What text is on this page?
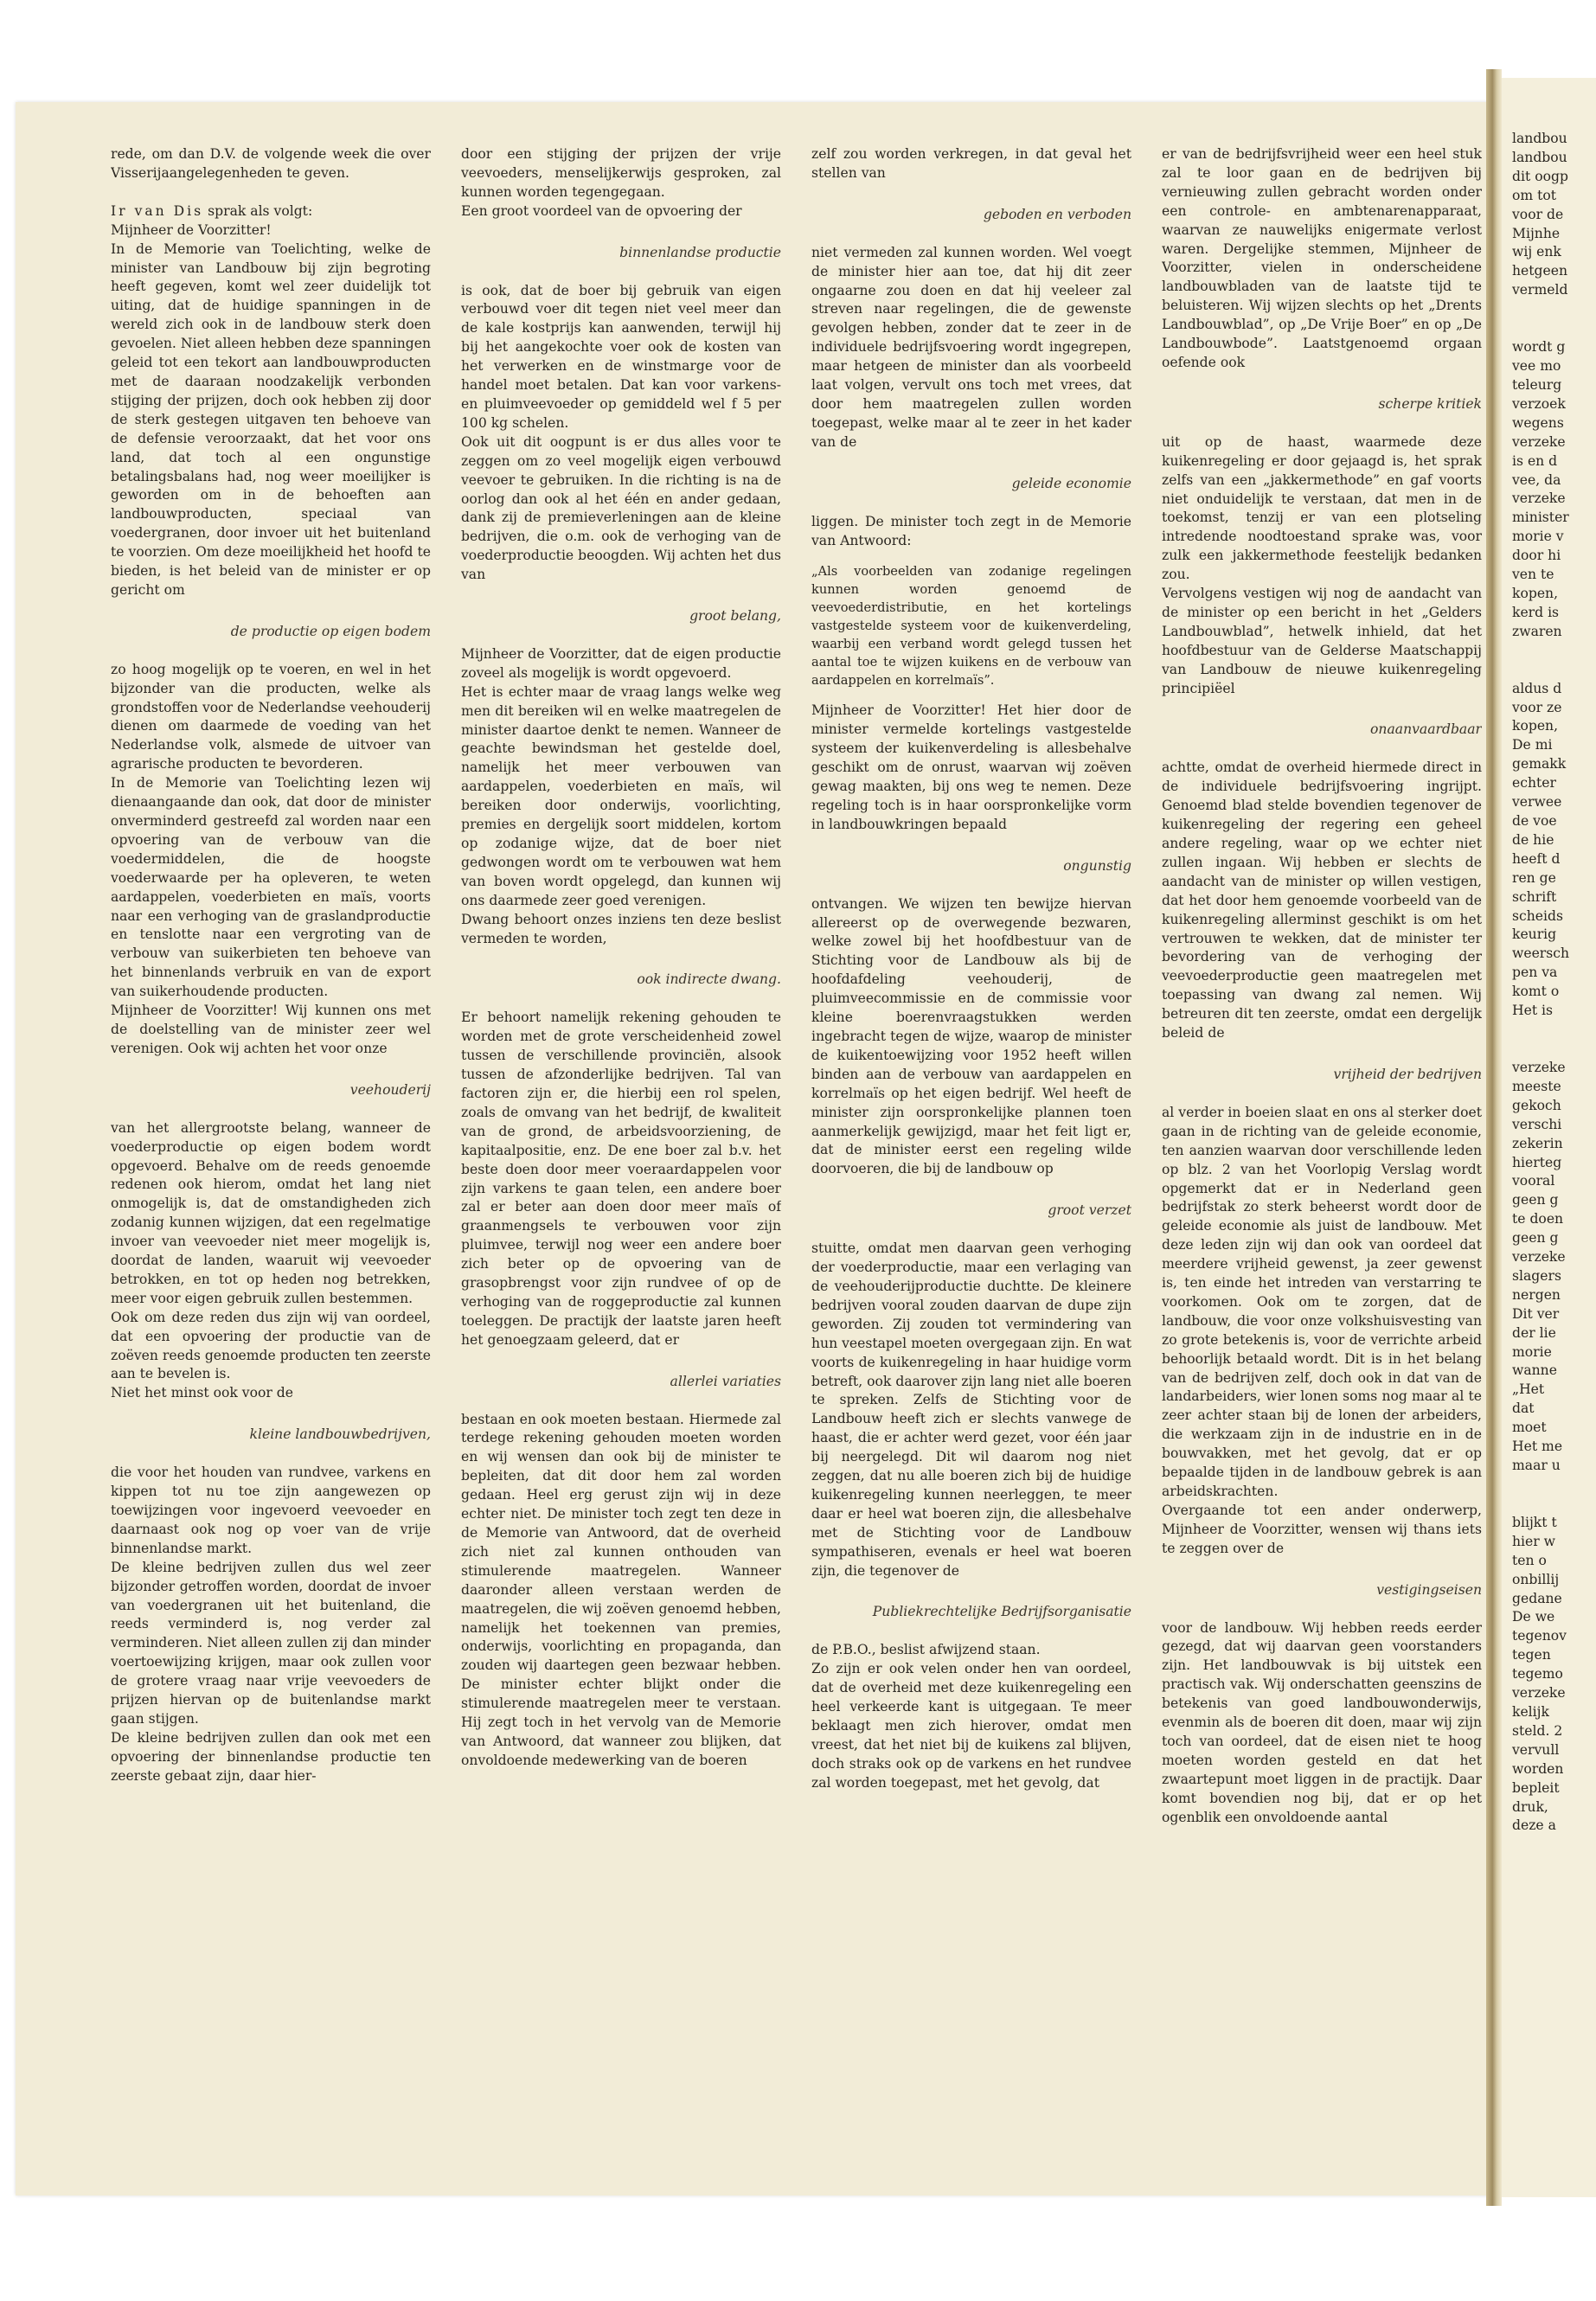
landbou

landbou

dit oogp

om tot

voor de

Mijnhe

wij enk

hetgeen

vermeld

wordt g

vee mo

teleurg

verzoek

wegens

verzeke

is en d

vee, da

verzeke

minister

morie v

door hi

ven te

kopen,

kerd is

zwaren

aldus d

voor ze

kopen,

De mi

gemakk

echter

verwee

de voe

de hie

heeft d

ren ge

schrift

scheids

keurig

weersch

pen va

komt o

Het is

verzeke

meeste

gekoch

verschi

zekerin

hierteg

vooral

geen g

te doen

geen g

verzeke

slagers

nergen

Dit ver

der lie

morie

wanne

„Het

dat

moet

Het me

maar u

blijkt t

hier w

ten o

onbillij

gedane

De we

tegenov

tegen

tegemo

verzeke

kelijk

steld. 2

vervull

worden

bepleit

druk,

deze a

rede, om dan D.V. de volgende week die over Visserijaangelegenheden te geven.

Ir van Dis sprak als volgt:

Mijnheer de Voorzitter!

In de Memorie van Toelichting, welke de minister van Landbouw bij zijn begroting heeft gegeven, komt wel zeer duidelijk tot uiting, dat de huidige spanningen in de wereld zich ook in de landbouw sterk doen gevoelen. Niet alleen hebben deze spanningen geleid tot een tekort aan landbouwproducten met de daaraan noodzakelijk verbonden stijging der prijzen, doch ook hebben zij door de sterk gestegen uitgaven ten behoeve van de defensie veroorzaakt, dat het voor ons land, dat toch al een ongunstige betalingsbalans had, nog weer moeilijker is geworden om in de behoeften aan landbouwproducten, speciaal van voedergranen, door invoer uit het buitenland te voorzien. Om deze moeilijkheid het hoofd te bieden, is het beleid van de minister er op gericht om

de productie op eigen bodem

zo hoog mogelijk op te voeren, en wel in het bijzonder van die producten, welke als grondstoffen voor de Nederlandse veehouderij dienen om daarmede de voeding van het Nederlandse volk, alsmede de uitvoer van agrarische producten te bevorderen.

In de Memorie van Toelichting lezen wij dienaangaande dan ook, dat door de minister onverminderd gestreefd zal worden naar een opvoering van de verbouw van die voedermiddelen, die de hoogste voederwaarde per ha opleveren, te weten aardappelen, voederbieten en maïs, voorts naar een verhoging van de graslandproductie en tenslotte naar een vergroting van de verbouw van suikerbieten ten behoeve van het binnenlands verbruik en van de export van suikerhoudende producten.

Mijnheer de Voorzitter! Wij kunnen ons met de doelstelling van de minister zeer wel verenigen. Ook wij achten het voor onze

veehouderij

van het allergrootste belang, wanneer de voederproductie op eigen bodem wordt opgevoerd. Behalve om de reeds genoemde redenen ook hierom, omdat het lang niet onmogelijk is, dat de omstandigheden zich zodanig kunnen wijzigen, dat een regelmatige invoer van veevoeder niet meer mogelijk is, doordat de landen, waaruit wij veevoeder betrokken, en tot op heden nog betrekken, meer voor eigen gebruik zullen bestemmen.

Ook om deze reden dus zijn wij van oordeel, dat een opvoering der productie van de zoëven reeds genoemde producten ten zeerste aan te bevelen is.

Niet het minst ook voor de

kleine landbouwbedrijven,

die voor het houden van rundvee, varkens en kippen tot nu toe zijn aangewezen op toewijzingen voor ingevoerd veevoeder en daarnaast ook nog op voer van de vrije binnenlandse markt.

De kleine bedrijven zullen dus wel zeer bijzonder getroffen worden, doordat de invoer van voedergranen uit het buitenland, die reeds verminderd is, nog verder zal verminderen. Niet alleen zullen zij dan minder voertoewijzing krijgen, maar ook zullen voor de grotere vraag naar vrije veevoeders de prijzen hiervan op de buitenlandse markt gaan stijgen.

De kleine bedrijven zullen dan ook met een opvoering der binnenlandse productie ten zeerste gebaat zijn, daar hier-

door een stijging der prijzen der vrije veevoeders, menselijkerwijs gesproken, zal kunnen worden tegengegaan.

Een groot voordeel van de opvoering der

binnenlandse productie

is ook, dat de boer bij gebruik van eigen verbouwd voer dit tegen niet veel meer dan de kale kostprijs kan aanwenden, terwijl hij bij het aangekochte voer ook de kosten van het verwerken en de winstmarge voor de handel moet betalen. Dat kan voor varkens- en pluimveevoeder op gemiddeld wel f 5 per 100 kg schelen.

Ook uit dit oogpunt is er dus alles voor te zeggen om zo veel mogelijk eigen verbouwd veevoer te gebruiken. In die richting is na de oorlog dan ook al het één en ander gedaan, dank zij de premieverleningen aan de kleine bedrijven, die o.m. ook de verhoging van de voederproductie beoogden. Wij achten het dus van

groot belang,

Mijnheer de Voorzitter, dat de eigen productie zoveel als mogelijk is wordt opgevoerd.

Het is echter maar de vraag langs welke weg men dit bereiken wil en welke maatregelen de minister daartoe denkt te nemen. Wanneer de geachte bewindsman het gestelde doel, namelijk het meer verbouwen van aardappelen, voederbieten en maïs, wil bereiken door onderwijs, voorlichting, premies en dergelijk soort middelen, kortom op zodanige wijze, dat de boer niet gedwongen wordt om te verbouwen wat hem van boven wordt opgelegd, dan kunnen wij ons daarmede zeer goed verenigen.

Dwang behoort onzes inziens ten deze beslist vermeden te worden,

ook indirecte dwang.

Er behoort namelijk rekening gehouden te worden met de grote verscheidenheid zowel tussen de verschillende provinciën, alsook tussen de afzonderlijke bedrijven. Tal van factoren zijn er, die hierbij een rol spelen, zoals de omvang van het bedrijf, de kwaliteit van de grond, de arbeidsvoorziening, de kapitaalpositie, enz. De ene boer zal b.v. het beste doen door meer voeraardappelen voor zijn varkens te gaan telen, een andere boer zal er beter aan doen door meer maïs of graanmengsels te verbouwen voor zijn pluimvee, terwijl nog weer een andere boer zich beter op de opvoering van de grasopbrengst voor zijn rundvee of op de verhoging van de roggeproductie zal kunnen toeleggen. De practijk der laatste jaren heeft het genoegzaam geleerd, dat er

allerlei variaties

bestaan en ook moeten bestaan. Hiermede zal terdege rekening gehouden moeten worden en wij wensen dan ook bij de minister te bepleiten, dat dit door hem zal worden gedaan. Heel erg gerust zijn wij in deze echter niet. De minister toch zegt ten deze in de Memorie van Antwoord, dat de overheid zich niet zal kunnen onthouden van stimulerende maatregelen. Wanneer daaronder alleen verstaan werden de maatregelen, die wij zoëven genoemd hebben, namelijk het toekennen van premies, onderwijs, voorlichting en propaganda, dan zouden wij daartegen geen bezwaar hebben. De minister echter blijkt onder die stimulerende maatregelen meer te verstaan. Hij zegt toch in het vervolg van de Memorie van Antwoord, dat wanneer zou blijken, dat onvoldoende medewerking van de boeren

zelf zou worden verkregen, in dat geval het stellen van

geboden en verboden

niet vermeden zal kunnen worden. Wel voegt de minister hier aan toe, dat hij dit zeer ongaarne zou doen en dat hij veeleer zal streven naar regelingen, die de gewenste gevolgen hebben, zonder dat te zeer in de individuele bedrijfsvoering wordt ingegrepen, maar hetgeen de minister dan als voorbeeld laat volgen, vervult ons toch met vrees, dat door hem maatregelen zullen worden toegepast, welke maar al te zeer in het kader van de

geleide economie

liggen. De minister toch zegt in de Memorie van Antwoord:

„Als voorbeelden van zodanige regelingen kunnen worden genoemd de veevoederdistributie, en het kortelings vastgestelde systeem voor de kuikenverdeling, waarbij een verband wordt gelegd tussen het aantal toe te wijzen kuikens en de verbouw van aardappelen en korrelmaïs”.

Mijnheer de Voorzitter! Het hier door de minister vermelde kortelings vastgestelde systeem der kuikenverdeling is allesbehalve geschikt om de onrust, waarvan wij zoëven gewag maakten, bij ons weg te nemen. Deze regeling toch is in haar oorspronkelijke vorm in landbouwkringen bepaald

ongunstig

ontvangen. We wijzen ten bewijze hiervan allereerst op de overwegende bezwaren, welke zowel bij het hoofdbestuur van de Stichting voor de Landbouw als bij de hoofdafdeling veehouderij, de pluimveecommissie en de commissie voor kleine boerenvraagstukken werden ingebracht tegen de wijze, waarop de minister de kuikentoewijzing voor 1952 heeft willen binden aan de verbouw van aardappelen en korrelmaïs op het eigen bedrijf. Wel heeft de minister zijn oorspronkelijke plannen toen aanmerkelijk gewijzigd, maar het feit ligt er, dat de minister eerst een regeling wilde doorvoeren, die bij de landbouw op

groot verzet

stuitte, omdat men daarvan geen verhoging der voederproductie, maar een verlaging van de veehouderijproductie duchtte. De kleinere bedrijven vooral zouden daarvan de dupe zijn geworden. Zij zouden tot vermindering van hun veestapel moeten overgegaan zijn. En wat voorts de kuikenregeling in haar huidige vorm betreft, ook daarover zijn lang niet alle boeren te spreken. Zelfs de Stichting voor de Landbouw heeft zich er slechts vanwege de haast, die er achter werd gezet, voor één jaar bij neergelegd. Dit wil daarom nog niet zeggen, dat nu alle boeren zich bij de huidige kuikenregeling kunnen neerleggen, te meer daar er heel wat boeren zijn, die allesbehalve met de Stichting voor de Landbouw sympathiseren, evenals er heel wat boeren zijn, die tegenover de

Publiekrechtelijke Bedrijfsorganisatie

de P.B.O., beslist afwijzend staan.

Zo zijn er ook velen onder hen van oordeel, dat de overheid met deze kuikenregeling een heel verkeerde kant is uitgegaan. Te meer beklaagt men zich hierover, omdat men vreest, dat het niet bij de kuikens zal blijven, doch straks ook op de varkens en het rundvee zal worden toegepast, met het gevolg, dat

er van de bedrijfsvrijheid weer een heel stuk zal te loor gaan en de bedrijven bij vernieuwing zullen gebracht worden onder een controle- en ambtenarenapparaat, waarvan ze nauwelijks enigermate verlost waren. Dergelijke stemmen, Mijnheer de Voorzitter, vielen in onderscheidene landbouwbladen van de laatste tijd te beluisteren. Wij wijzen slechts op het „Drents Landbouwblad”, op „De Vrije Boer” en op „De Landbouwbode”. Laatstgenoemd orgaan oefende ook

scherpe kritiek

uit op de haast, waarmede deze kuikenregeling er door gejaagd is, het sprak zelfs van een „jakkermethode” en gaf voorts niet onduidelijk te verstaan, dat men in de toekomst, tenzij er van een plotseling intredende noodtoestand sprake was, voor zulk een jakkermethode feestelijk bedanken zou.

Vervolgens vestigen wij nog de aandacht van de minister op een bericht in het „Gelders Landbouwblad”, hetwelk inhield, dat het hoofdbestuur van de Gelderse Maatschappij van Landbouw de nieuwe kuikenregeling principiëel

onaanvaardbaar

achtte, omdat de overheid hiermede direct in de individuele bedrijfsvoering ingrijpt. Genoemd blad stelde bovendien tegenover de kuikenregeling der regering een geheel andere regeling, waar op we echter niet zullen ingaan. Wij hebben er slechts de aandacht van de minister op willen vestigen, dat het door hem genoemde voorbeeld van de kuikenregeling allerminst geschikt is om het vertrouwen te wekken, dat de minister ter bevordering van de verhoging der veevoederproductie geen maatregelen met toepassing van dwang zal nemen. Wij betreuren dit ten zeerste, omdat een dergelijk beleid de

vrijheid der bedrijven

al verder in boeien slaat en ons al sterker doet gaan in de richting van de geleide economie, ten aanzien waarvan door verschillende leden op blz. 2 van het Voorlopig Verslag wordt opgemerkt dat er in Nederland geen bedrijfstak zo sterk beheerst wordt door de geleide economie als juist de landbouw. Met deze leden zijn wij dan ook van oordeel dat meerdere vrijheid gewenst, ja zeer gewenst is, ten einde het intreden van verstarring te voorkomen. Ook om te zorgen, dat de landbouw, die voor onze volkshuisvesting van zo grote betekenis is, voor de verrichte arbeid behoorlijk betaald wordt. Dit is in het belang van de bedrijven zelf, doch ook in dat van de landarbeiders, wier lonen soms nog maar al te zeer achter staan bij de lonen der arbeiders, die werkzaam zijn in de industrie en in de bouwvakken, met het gevolg, dat er op bepaalde tijden in de landbouw gebrek is aan arbeidskrachten.

Overgaande tot een ander onderwerp, Mijnheer de Voorzitter, wensen wij thans iets te zeggen over de

vestigingseisen

voor de landbouw. Wij hebben reeds eerder gezegd, dat wij daarvan geen voorstanders zijn. Het landbouwvak is bij uitstek een practisch vak. Wij onderschatten geenszins de betekenis van goed landbouwonderwijs, evenmin als de boeren dit doen, maar wij zijn toch van oordeel, dat de eisen niet te hoog moeten worden gesteld en dat het zwaartepunt moet liggen in de practijk. Daar komt bovendien nog bij, dat er op het ogenblik een onvoldoende aantal
